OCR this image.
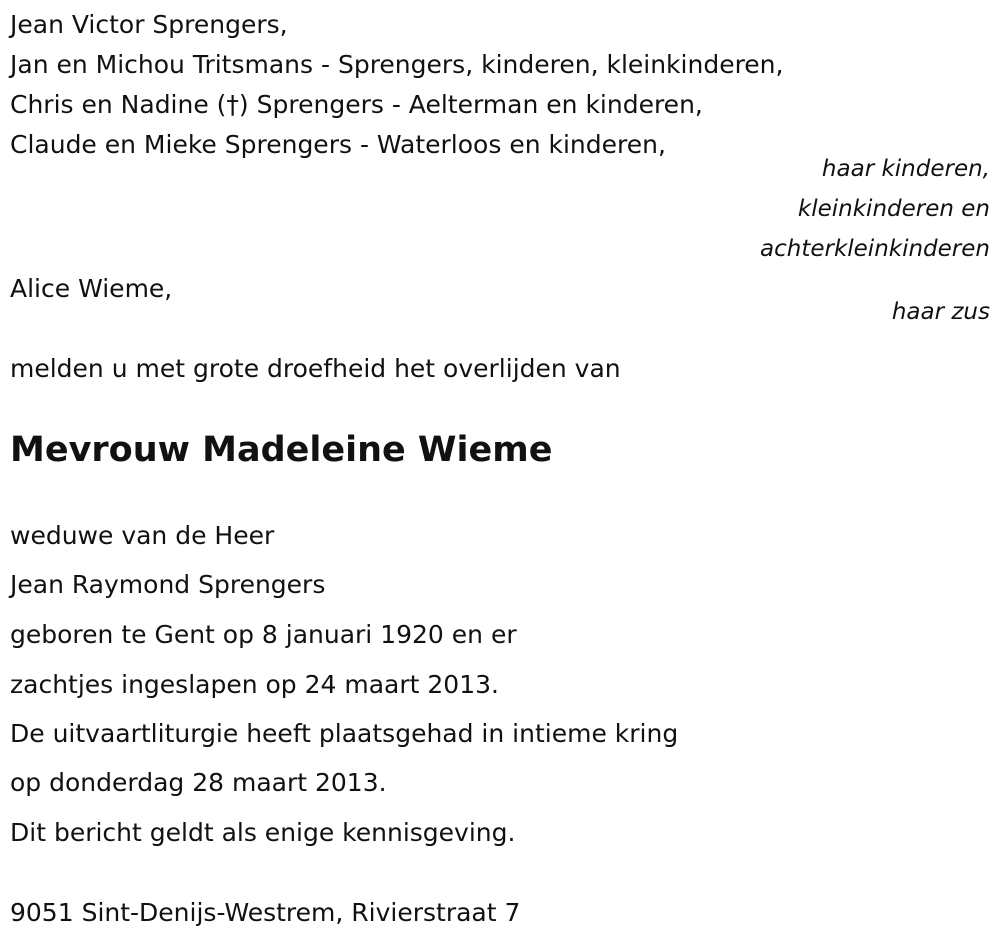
Jean Victor Sprengers,
Jan en Michou Tritsmans - Sprengers, kinderen, kleinkinderen,
Chris en Nadine (†) Sprengers - Aelterman en kinderen,
Claude en Mieke Sprengers - Waterloos en kinderen,
haar kinderen,
kleinkinderen en
achterkleinkinderen
Alice Wieme,
haar zus
melden u met grote droefheid het overlijden van
Mevrouw Madeleine Wieme
weduwe van de Heer
Jean Raymond Sprengers
geboren te Gent op 8 januari 1920 en er
zachtjes ingeslapen op 24 maart 2013.
De uitvaartliturgie heeft plaatsgehad in intieme kring
op donderdag 28 maart 2013.
Dit bericht geldt als enige kennisgeving.
9051 Sint-Denijs-Westrem, Rivierstraat 7
